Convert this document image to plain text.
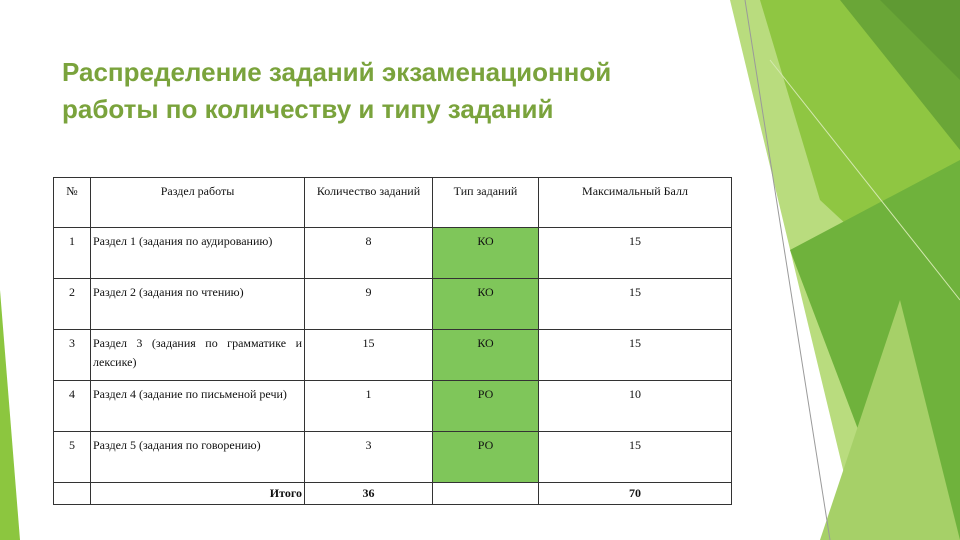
Распределение заданий экзаменационной
работы по количеству и типу заданий
№	Раздел работы	Количество заданий	Тип заданий	Максимальный Балл
1	Раздел 1 (задания по аудированию)	8	КО	15
2	Раздел 2 (задания по чтению)	9	КО	15
3	Раздел 3 (задания по грамматике и лексике)	15	КО	15
4	Раздел 4 (задание по письменой речи)	1	РО	10
5	Раздел 5 (задания по говорению)	3	РО	15
	Итого	36		70
